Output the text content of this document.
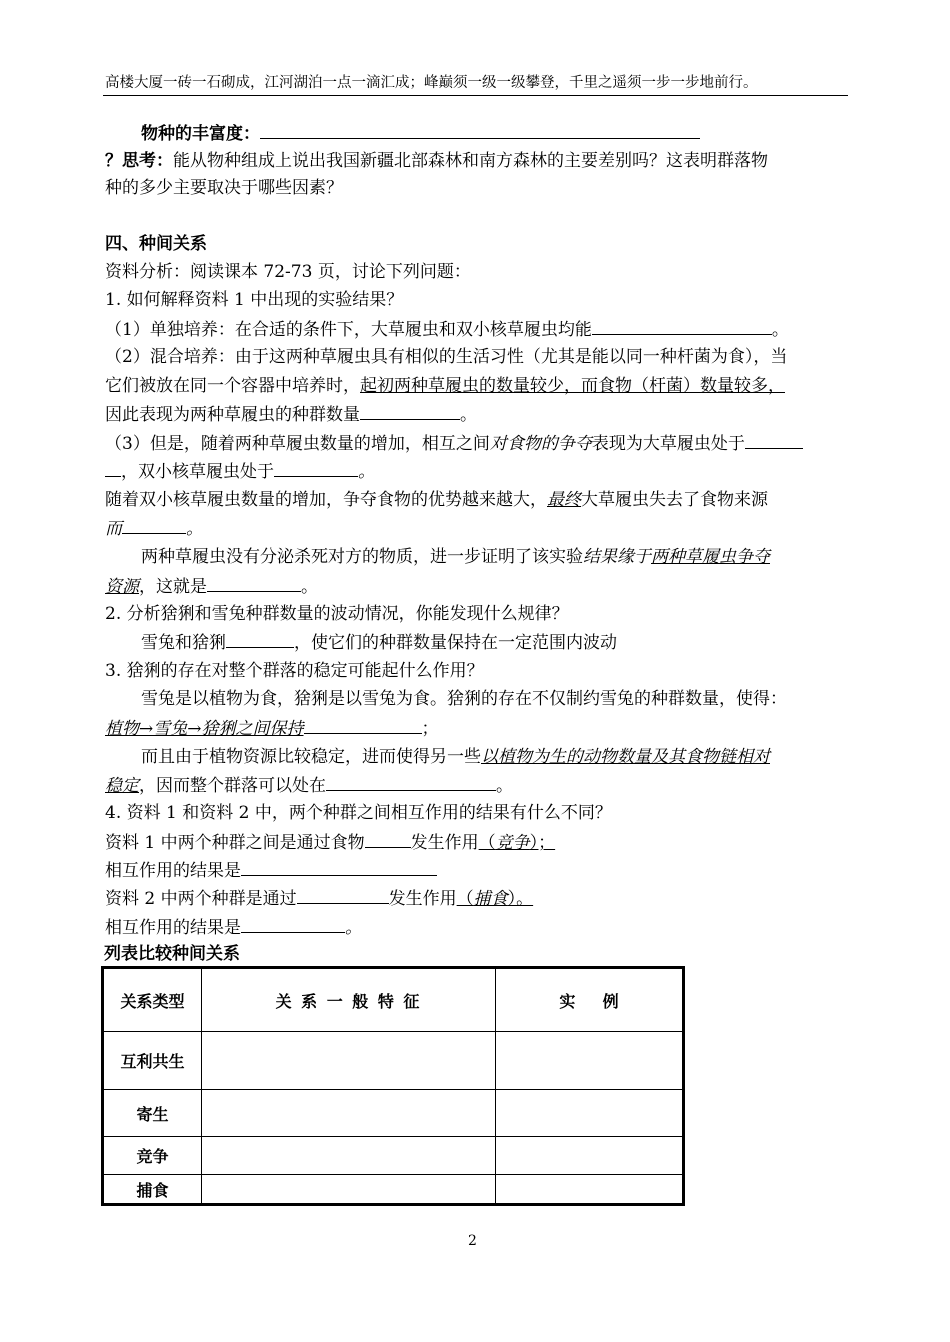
高楼大厦一砖一石砌成，江河湖泊一点一滴汇成；峰巅须一级一级攀登，千里之遥须一步一步地前行。
物种的丰富度：
？思考：能从物种组成上说出我国新疆北部森林和南方森林的主要差别吗？这表明群落物
种的多少主要取决于哪些因素？
四、种间关系
资料分析：阅读课本 72-73 页，讨论下列问题：
1. 如何解释资料 1 中出现的实验结果？
（1）单独培养：在合适的条件下，大草履虫和双小核草履虫均能	。
（2）混合培养：由于这两种草履虫具有相似的生活习性（尤其是能以同一种杆菌为食），当
它们被放在同一个容器中培养时，起初两种草履虫的数量较少，而食物（杆菌）数量较多，
因此表现为两种草履虫的种群数量	。
（3）但是，随着两种草履虫数量的增加，相互之间对食物的争夺表现为大草履虫处于
，双小核草履虫处于	。
随着双小核草履虫数量的增加，争夺食物的优势越来越大，最终大草履虫失去了食物来源
而	。
两种草履虫没有分泌杀死对方的物质，进一步证明了该实验结果缘于两种草履虫争夺
资源，这就是	。
2. 分析猞猁和雪兔种群数量的波动情况，你能发现什么规律？
雪兔和猞猁	，使它们的种群数量保持在一定范围内波动
3. 猞猁的存在对整个群落的稳定可能起什么作用？
雪兔是以植物为食，猞猁是以雪兔为食。猞猁的存在不仅制约雪兔的种群数量，使得：
植物→雪兔→猞猁之间保持	；
而且由于植物资源比较稳定，进而使得另一些以植物为生的动物数量及其食物链相对
稳定，因而整个群落可以处在	。
4. 资料 1 和资料 2 中，两个种群之间相互作用的结果有什么不同？
资料 1 中两个种群之间是通过食物	发生作用（竞争）；
相互作用的结果是
资料 2 中两个种群是通过	发生作用（捕食）。
相互作用的结果是	。
列表比较种间关系
关系类型	关 系 一 般 特 征	实 　 例
互利共生		
寄生		
竞争		
捕食		
2
